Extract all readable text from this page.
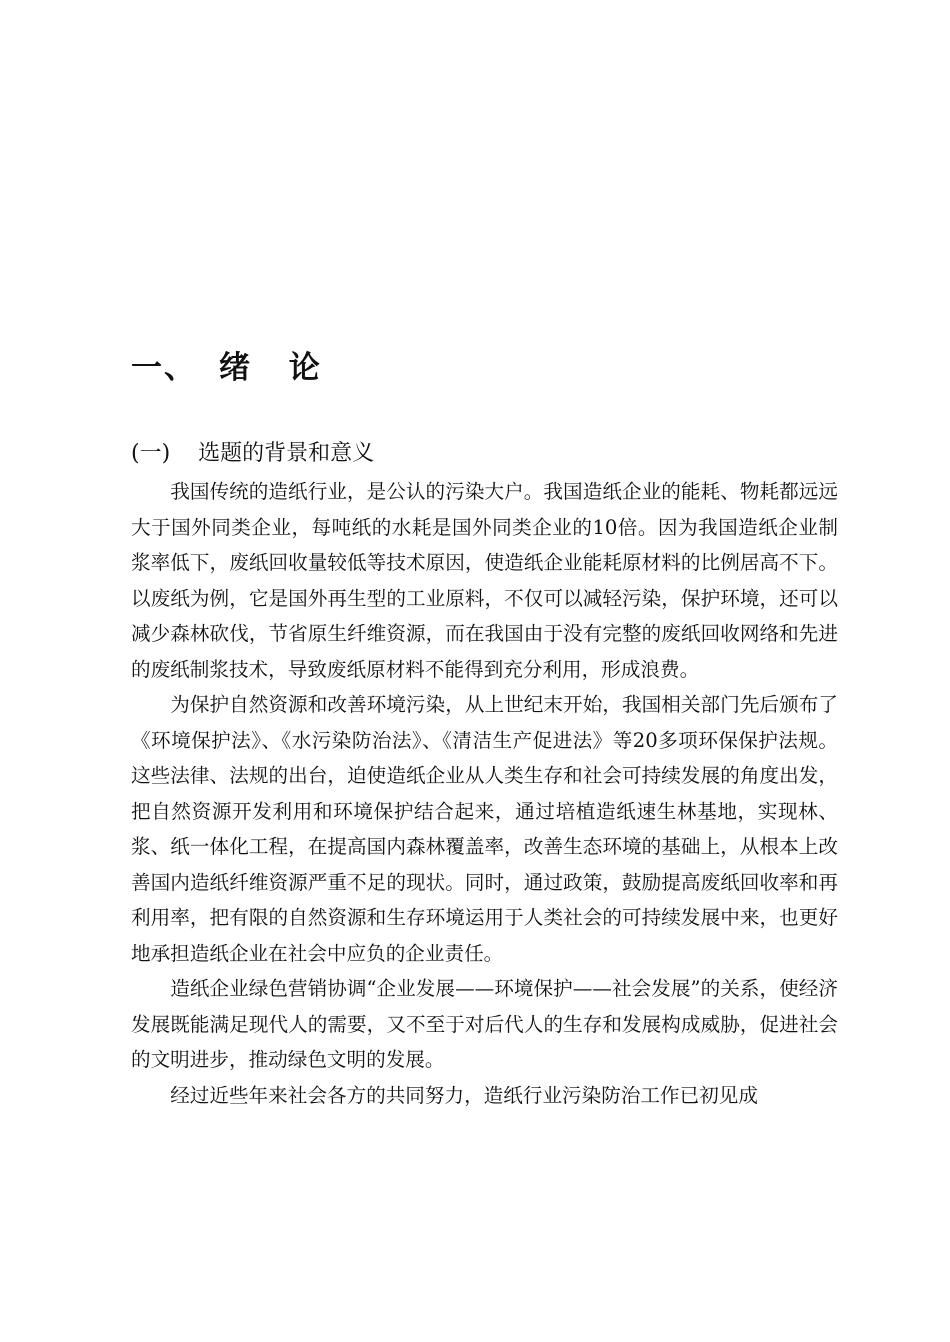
一、 绪 论
(一) 选题的背景和意义

我国传统的造纸行业，是公认的污染大户。我国造纸企业的能耗、物耗都远远大于国外同类企业，每吨纸的水耗是国外同类企业的10倍。因为我国造纸企业制浆率低下，废纸回收量较低等技术原因，使造纸企业能耗原材料的比例居高不下。以废纸为例，它是国外再生型的工业原料，不仅可以减轻污染，保护环境，还可以减少森林砍伐，节省原生纤维资源，而在我国由于没有完整的废纸回收网络和先进的废纸制浆技术，导致废纸原材料不能得到充分利用，形成浪费。

为保护自然资源和改善环境污染，从上世纪末开始，我国相关部门先后颁布了《环境保护法》、《水污染防治法》、《清洁生产促进法》等20多项环保保护法规。这些法律、法规的出台，迫使造纸企业从人类生存和社会可持续发展的角度出发，把自然资源开发利用和环境保护结合起来，通过培植造纸速生林基地，实现林、浆、纸一体化工程，在提高国内森林覆盖率，改善生态环境的基础上，从根本上改善国内造纸纤维资源严重不足的现状。同时，通过政策，鼓励提高废纸回收率和再利用率，把有限的自然资源和生存环境运用于人类社会的可持续发展中来，也更好地承担造纸企业在社会中应负的企业责任。

造纸企业绿色营销协调“企业发展——环境保护——社会发展”的关系，使经济发展既能满足现代人的需要，又不至于对后代人的生存和发展构成威胁，促进社会的文明进步，推动绿色文明的发展。

经过近些年来社会各方的共同努力，造纸行业污染防治工作已初见成
